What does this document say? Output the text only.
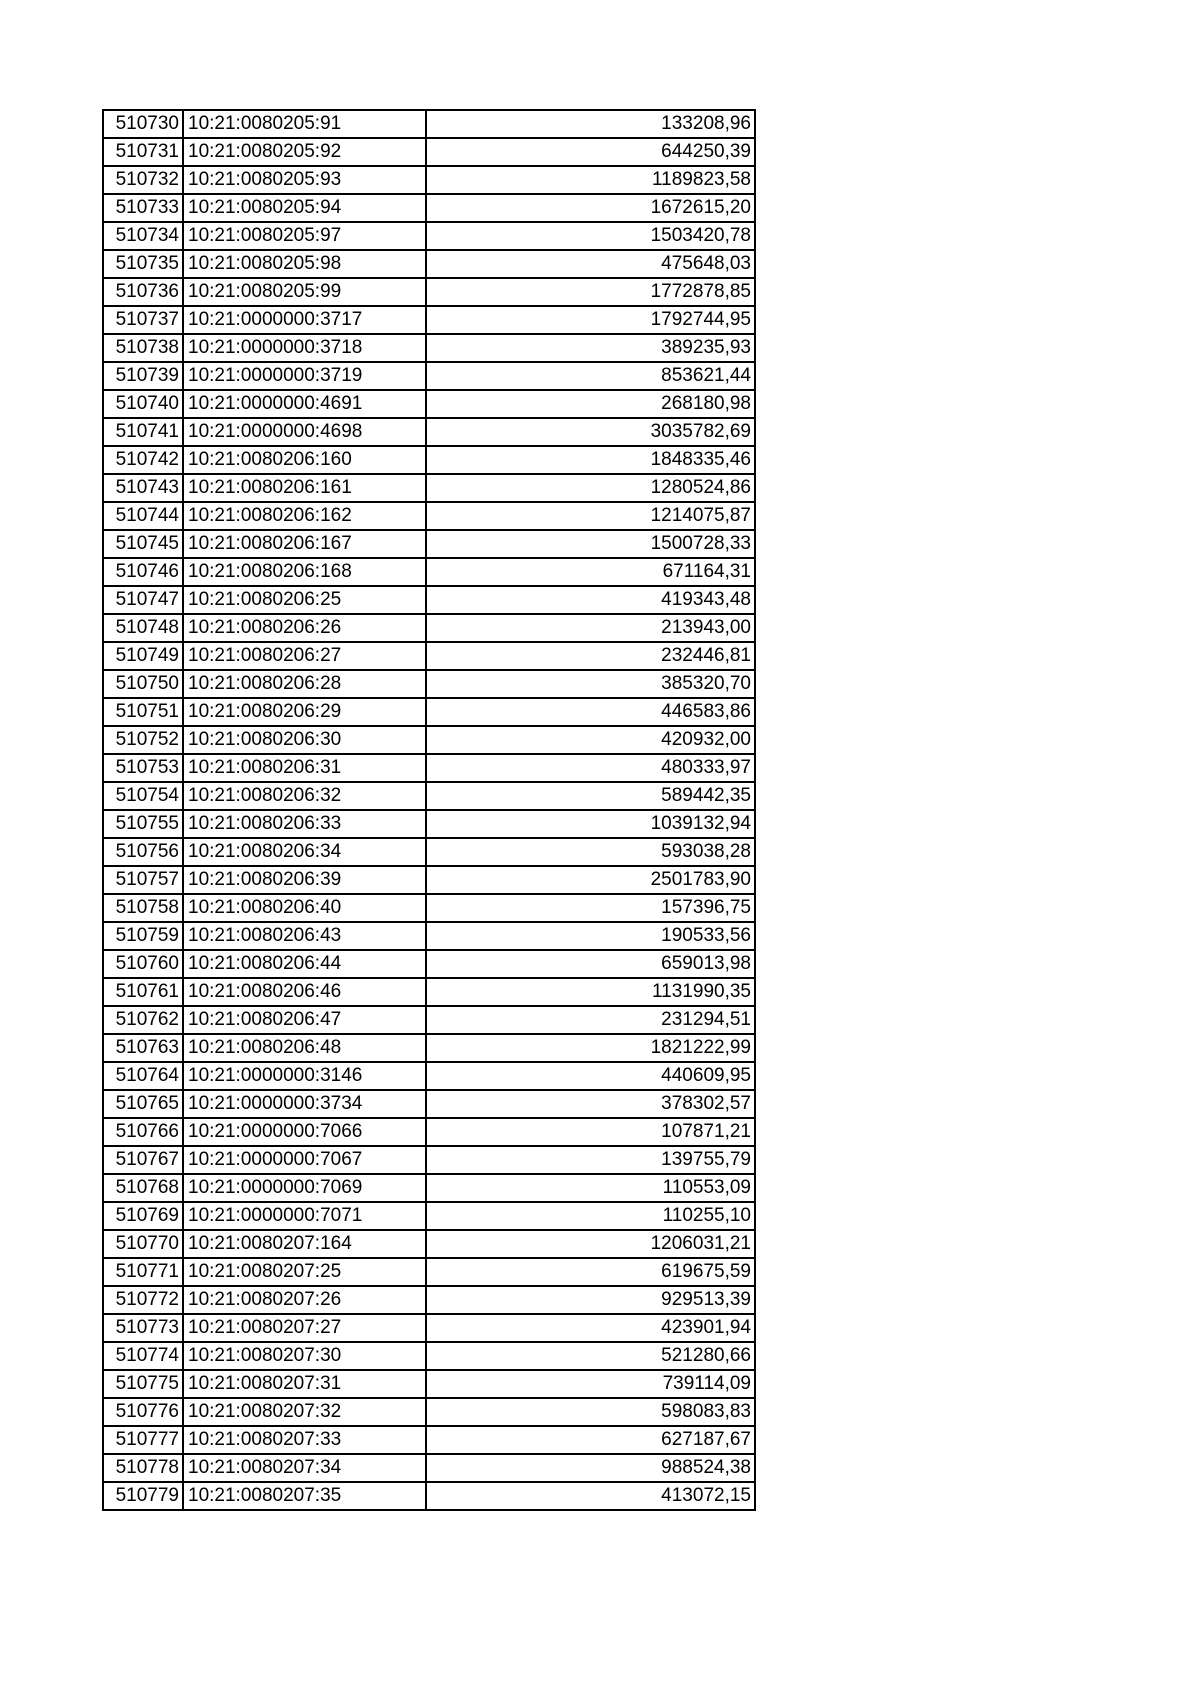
510730	10:21:0080205:91	133208,96
510731	10:21:0080205:92	644250,39
510732	10:21:0080205:93	1189823,58
510733	10:21:0080205:94	1672615,20
510734	10:21:0080205:97	1503420,78
510735	10:21:0080205:98	475648,03
510736	10:21:0080205:99	1772878,85
510737	10:21:0000000:3717	1792744,95
510738	10:21:0000000:3718	389235,93
510739	10:21:0000000:3719	853621,44
510740	10:21:0000000:4691	268180,98
510741	10:21:0000000:4698	3035782,69
510742	10:21:0080206:160	1848335,46
510743	10:21:0080206:161	1280524,86
510744	10:21:0080206:162	1214075,87
510745	10:21:0080206:167	1500728,33
510746	10:21:0080206:168	671164,31
510747	10:21:0080206:25	419343,48
510748	10:21:0080206:26	213943,00
510749	10:21:0080206:27	232446,81
510750	10:21:0080206:28	385320,70
510751	10:21:0080206:29	446583,86
510752	10:21:0080206:30	420932,00
510753	10:21:0080206:31	480333,97
510754	10:21:0080206:32	589442,35
510755	10:21:0080206:33	1039132,94
510756	10:21:0080206:34	593038,28
510757	10:21:0080206:39	2501783,90
510758	10:21:0080206:40	157396,75
510759	10:21:0080206:43	190533,56
510760	10:21:0080206:44	659013,98
510761	10:21:0080206:46	1131990,35
510762	10:21:0080206:47	231294,51
510763	10:21:0080206:48	1821222,99
510764	10:21:0000000:3146	440609,95
510765	10:21:0000000:3734	378302,57
510766	10:21:0000000:7066	107871,21
510767	10:21:0000000:7067	139755,79
510768	10:21:0000000:7069	110553,09
510769	10:21:0000000:7071	110255,10
510770	10:21:0080207:164	1206031,21
510771	10:21:0080207:25	619675,59
510772	10:21:0080207:26	929513,39
510773	10:21:0080207:27	423901,94
510774	10:21:0080207:30	521280,66
510775	10:21:0080207:31	739114,09
510776	10:21:0080207:32	598083,83
510777	10:21:0080207:33	627187,67
510778	10:21:0080207:34	988524,38
510779	10:21:0080207:35	413072,15
